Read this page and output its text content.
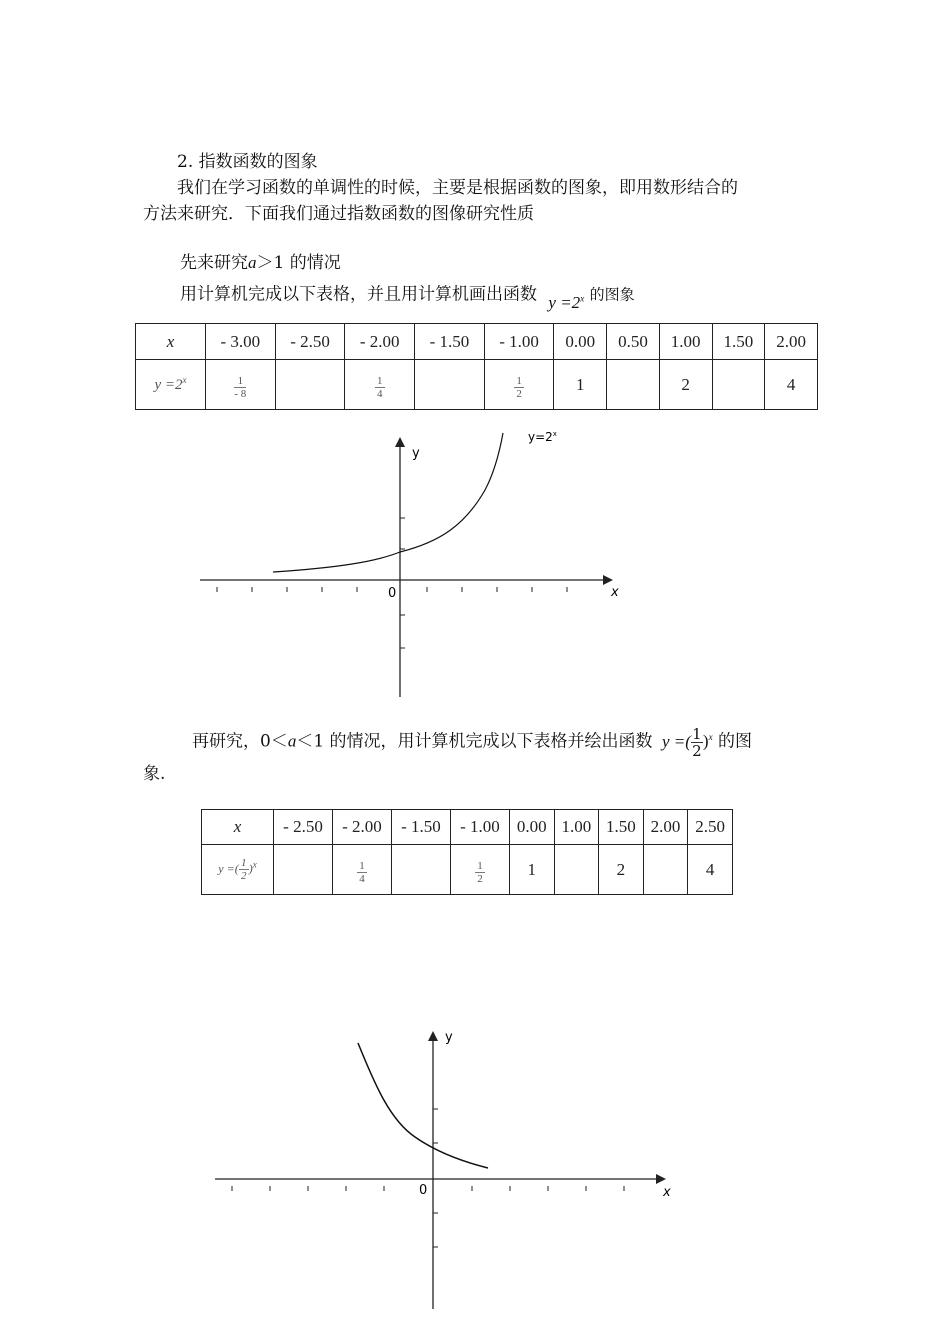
2. 指数函数的图象
我们在学习函数的单调性的时候，主要是根据函数的图象，即用数形结合的
方法来研究．下面我们通过指数函数的图像研究性质
先来研究a＞1 的情况
用计算机完成以下表格，并且用计算机画出函数 $y =2^x$ 的图象
x	- 3.00	- 2.50	- 2.00	- 1.50	- 1.00	0.00	0.50	1.00	1.50	2.00
$y =2^x$	$\frac{1}{- 8}$		$\frac{1}{4}$		$\frac{1}{2}$	1		2		4
y
x
0
$y=2^x$
再研究，0＜a＜1 的情况，用计算机完成以下表格并绘出函数 y =( $\frac{1}{2} )^x$ 的图
象.
x	- 2.50	- 2.00	- 1.50	- 1.00	0.00	1.00	1.50	2.00	2.50
y =( $\frac{1}{2} )^x$		$\frac{1}{4}$		$\frac{1}{2}$	1		2		4
y
x
0
